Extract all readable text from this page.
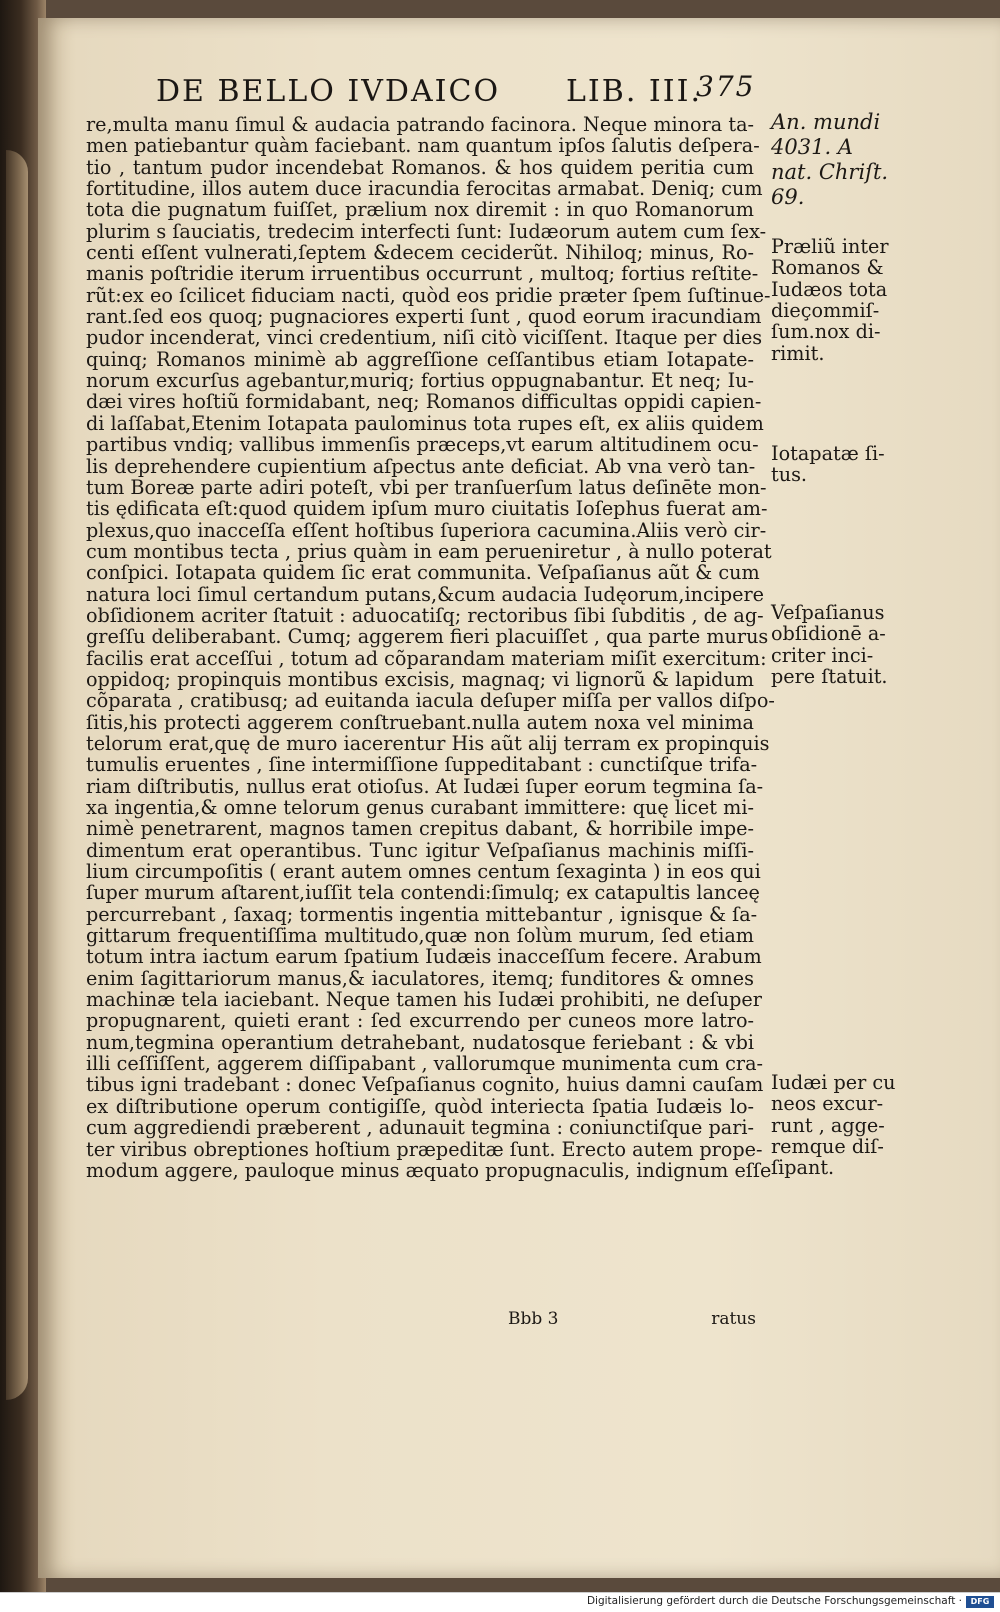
DE BELLO IVDAICO LIB. III.
375
re,multa manu ſimul & audacia patrando facinora. Neque minora ta-
men patiebantur quàm faciebant. nam quantum ipſos ſalutis deſpera-
tio , tantum pudor incendebat Romanos. & hos quidem peritia cum
fortitudine, illos autem duce iracundia ferocitas armabat. Deniq; cum
tota die pugnatum fuiſſet, prælium nox diremit : in quo Romanorum
plurim s ſauciatis, tredecim interfecti ſunt: Iudæorum autem cum ſex-
centi eſſent vulnerati,ſeptem &decem ceciderũt. Nihiloq; minus, Ro-
manis poſtridie iterum irruentibus occurrunt , multoq; fortius reſtite-
rũt:ex eo ſcilicet fiduciam nacti, quòd eos pridie præter ſpem ſuſtinue-
rant.ſed eos quoq; pugnaciores experti ſunt , quod eorum iracundiam
pudor incenderat, vinci credentium, niſi citò viciſſent. Itaque per dies
quinq; Romanos minimè ab aggreſſione ceſſantibus etiam Iotapate-
norum excurſus agebantur,muriq; fortius oppugnabantur. Et neq; Iu-
dæi vires hoſtiũ formidabant, neq; Romanos difficultas oppidi capien-
di laſſabat,Etenim Iotapata paulominus tota rupes eſt, ex aliis quidem
partibus vndiq; vallibus immenſis præceps,vt earum altitudinem ocu-
lis deprehendere cupientium aſpectus ante deficiat. Ab vna verò tan-
tum Boreæ parte adiri poteſt, vbi per tranſuerſum latus deſinēte mon-
tis ędificata eſt:quod quidem ipſum muro ciuitatis Ioſephus fuerat am-
plexus,quo inacceſſa eſſent hoſtibus ſuperiora cacumina.Aliis verò cir-
cum montibus tecta , prius quàm in eam perueniretur , à nullo poterat
conſpici. Iotapata quidem ſic erat communita. Veſpaſianus aũt & cum
natura loci ſimul certandum putans,&cum audacia Iudęorum,incipere
obſidionem acriter ſtatuit : aduocatiſq; rectoribus ſibi ſubditis , de ag-
greſſu deliberabant. Cumq; aggerem fieri placuiſſet , qua parte murus
facilis erat acceſſui , totum ad cõparandam materiam miſit exercitum:
oppidoq; propinquis montibus excisis, magnaq; vi lignorũ & lapidum
cõparata , cratibusq; ad euitanda iacula deſuper miſſa per vallos diſpo-
ſitis,his protecti aggerem conſtruebant.nulla autem noxa vel minima
telorum erat,quę de muro iacerentur His aũt alij terram ex propinquis
tumulis eruentes , ſine intermiſſione ſuppeditabant : cunctiſque trifa-
riam diſtributis, nullus erat otioſus. At Iudæi ſuper eorum tegmina ſa-
xa ingentia,& omne telorum genus curabant immittere: quę licet mi-
nimè penetrarent, magnos tamen crepitus dabant, & horribile impe-
dimentum erat operantibus. Tunc igitur Veſpaſianus machinis miſſi-
lium circumpoſitis ( erant autem omnes centum ſexaginta ) in eos qui
ſuper murum aſtarent,iuſſit tela contendi:ſimulq; ex catapultis lanceę
percurrebant , ſaxaq; tormentis ingentia mittebantur , ignisque & ſa-
gittarum frequentiſſima multitudo,quæ non ſolùm murum, ſed etiam
totum intra iactum earum ſpatium Iudæis inacceſſum fecere. Arabum
enim ſagittariorum manus,& iaculatores, itemq; funditores & omnes
machinæ tela iaciebant. Neque tamen his Iudæi prohibiti, ne deſuper
propugnarent, quieti erant : ſed excurrendo per cuneos more latro-
num,tegmina operantium detrahebant, nudatosque feriebant : & vbi
illi ceſſiſſent, aggerem diſſipabant , vallorumque munimenta cum cra-
tibus igni tradebant : donec Veſpaſianus cognito, huius damni cauſam
ex diſtributione operum contigiſſe, quòd interiecta ſpatia Iudæis lo-
cum aggrediendi præberent , adunauit tegmina : coniunctiſque pari-
ter viribus obreptiones hoſtium præpeditæ ſunt. Erecto autem prope-
modum aggere, pauloque minus æquato propugnaculis, indignum eſſe
An. mundi
4031. A
nat. Chriſt.
69.
Præliũ inter
Romanos &
Iudæos tota
dieçommiſ-
ſum.nox di-
rimit.
Iotapatæ ſi-
tus.
Veſpaſianus
obſidionē a-
criter inci-
pere ſtatuit.
Iudæi per cu
neos excur-
runt , agge-
remque diſ-
ſipant.
Bbb 3	ratus
Digitalisierung gefördert durch die Deutsche Forschungsgemeinschaft ·	DFG
